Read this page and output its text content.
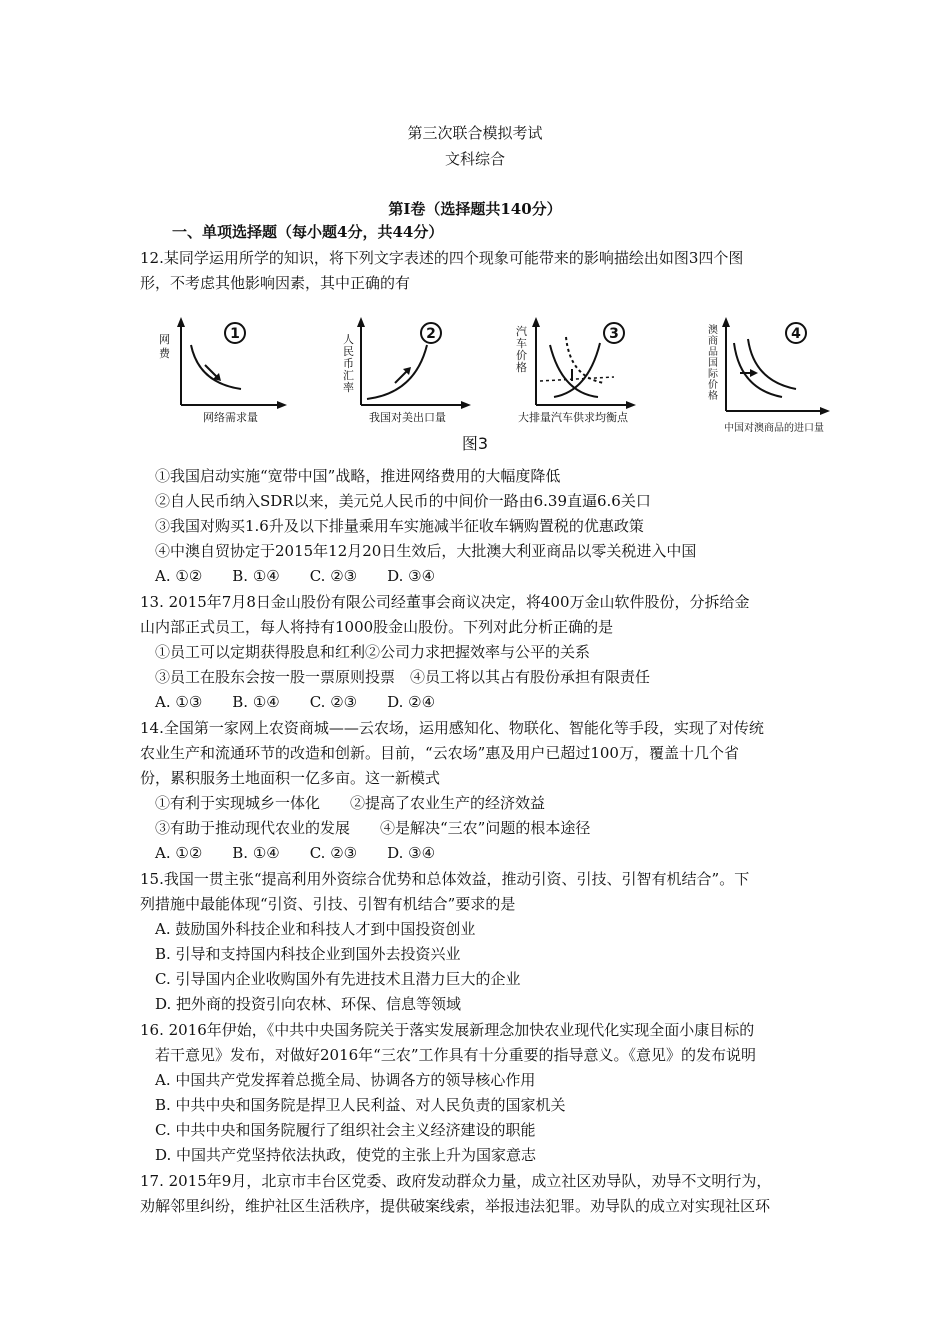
第三次联合模拟考试
文科综合
第Ⅰ卷（选择题共140分）
一、单项选择题（每小题4分，共44分）
12.某同学运用所学的知识，将下列文字表述的四个现象可能带来的影响描绘出如图3四个图
形，不考虑其他影响因素，其中正确的有
1
网
费
网络需求量
2
人
民
币
汇
率
我国对美出口量
3
汽
车
价
格
大排量汽车供求均衡点
4
澳
商
品
国
际
价
格
中国对澳商品的进口量
图3
①我国启动实施“宽带中国”战略，推进网络费用的大幅度降低
②自人民币纳入SDR以来，美元兑人民币的中间价一路由6.39直逼6.6关口
③我国对购买1.6升及以下排量乘用车实施减半征收车辆购置税的优惠政策
④中澳自贸协定于2015年12月20日生效后，大批澳大利亚商品以零关税进入中国
A. ①②　　B. ①④　　C. ②③　　D. ③④
13. 2015年7月8日金山股份有限公司经董事会商议决定，将400万金山软件股份，分拆给金
山内部正式员工，每人将持有1000股金山股份。下列对此分析正确的是
①员工可以定期获得股息和红利②公司力求把握效率与公平的关系
③员工在股东会按一股一票原则投票　④员工将以其占有股份承担有限责任
A. ①③　　B. ①④　　C. ②③　　D. ②④
14.全国第一家网上农资商城——云农场，运用感知化、物联化、智能化等手段，实现了对传统
农业生产和流通环节的改造和创新。目前，“云农场”惠及用户已超过100万，覆盖十几个省
份，累积服务土地面积一亿多亩。这一新模式
①有利于实现城乡一体化　　②提高了农业生产的经济效益
③有助于推动现代农业的发展　　④是解决“三农”问题的根本途径
A. ①②　　B. ①④　　C. ②③　　D. ③④
15.我国一贯主张“提高利用外资综合优势和总体效益，推动引资、引技、引智有机结合”。下
列措施中最能体现“引资、引技、引智有机结合”要求的是
A. 鼓励国外科技企业和科技人才到中国投资创业
B. 引导和支持国内科技企业到国外去投资兴业
C. 引导国内企业收购国外有先进技术且潜力巨大的企业
D. 把外商的投资引向农林、环保、信息等领域
16. 2016年伊始，《中共中央国务院关于落实发展新理念加快农业现代化实现全面小康目标的
若干意见》发布，对做好2016年“三农”工作具有十分重要的指导意义。《意见》的发布说明
A. 中国共产党发挥着总揽全局、协调各方的领导核心作用
B. 中共中央和国务院是捍卫人民利益、对人民负责的国家机关
C. 中共中央和国务院履行了组织社会主义经济建设的职能
D. 中国共产党坚持依法执政，使党的主张上升为国家意志
17. 2015年9月，北京市丰台区党委、政府发动群众力量，成立社区劝导队，劝导不文明行为，
劝解邻里纠纷，维护社区生活秩序，提供破案线索，举报违法犯罪。劝导队的成立对实现社区环
